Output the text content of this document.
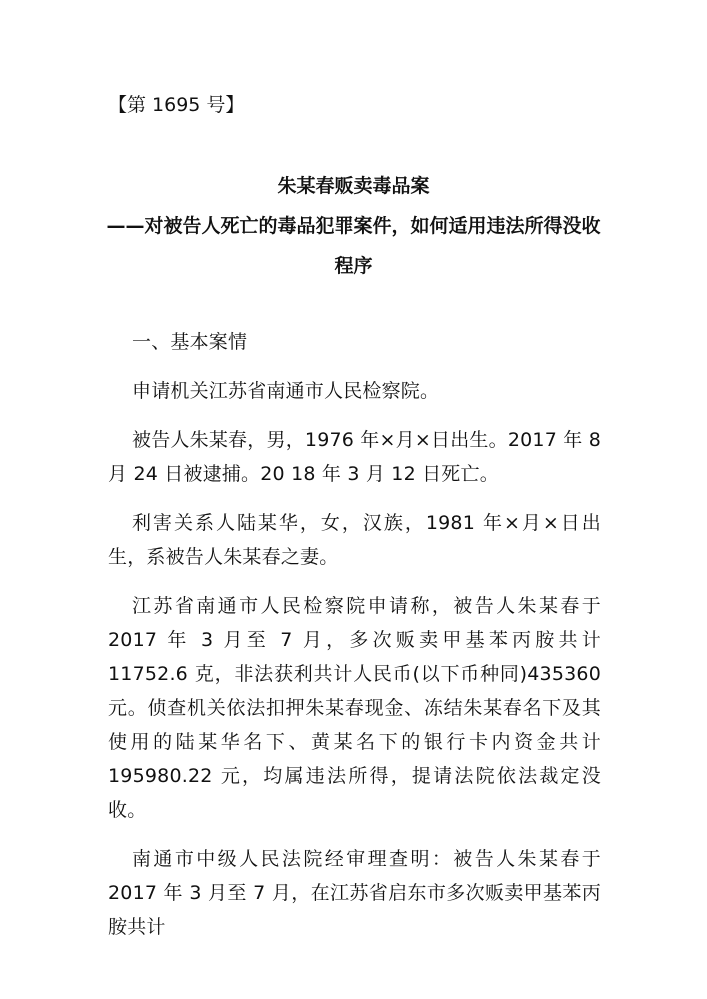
【第 1695 号】
朱某春贩卖毒品案
——对被告人死亡的毒品犯罪案件，如何适用违法所得没收
程序

一、基本案情

申请机关江苏省南通市人民检察院。

被告人朱某春，男，1976 年×月×日出生。2017 年 8 月 24 日被逮捕。20 18 年 3 月 12 日死亡。

利害关系人陆某华，女，汉族，1981 年×月×日出生，系被告人朱某春之妻。

江苏省南通市人民检察院申请称，被告人朱某春于 2017 年 3 月至 7 月，多次贩卖甲基苯丙胺共计 11752.6 克，非法获利共计人民币(以下币种同)435360 元。侦查机关依法扣押朱某春现金、冻结朱某春名下及其使用的陆某华名下、黄某名下的银行卡内资金共计 195980.22 元，均属违法所得，提请法院依法裁定没收。

南通市中级人民法院经审理查明：被告人朱某春于 2017 年 3 月至 7 月，在江苏省启东市多次贩卖甲基苯丙胺共计
